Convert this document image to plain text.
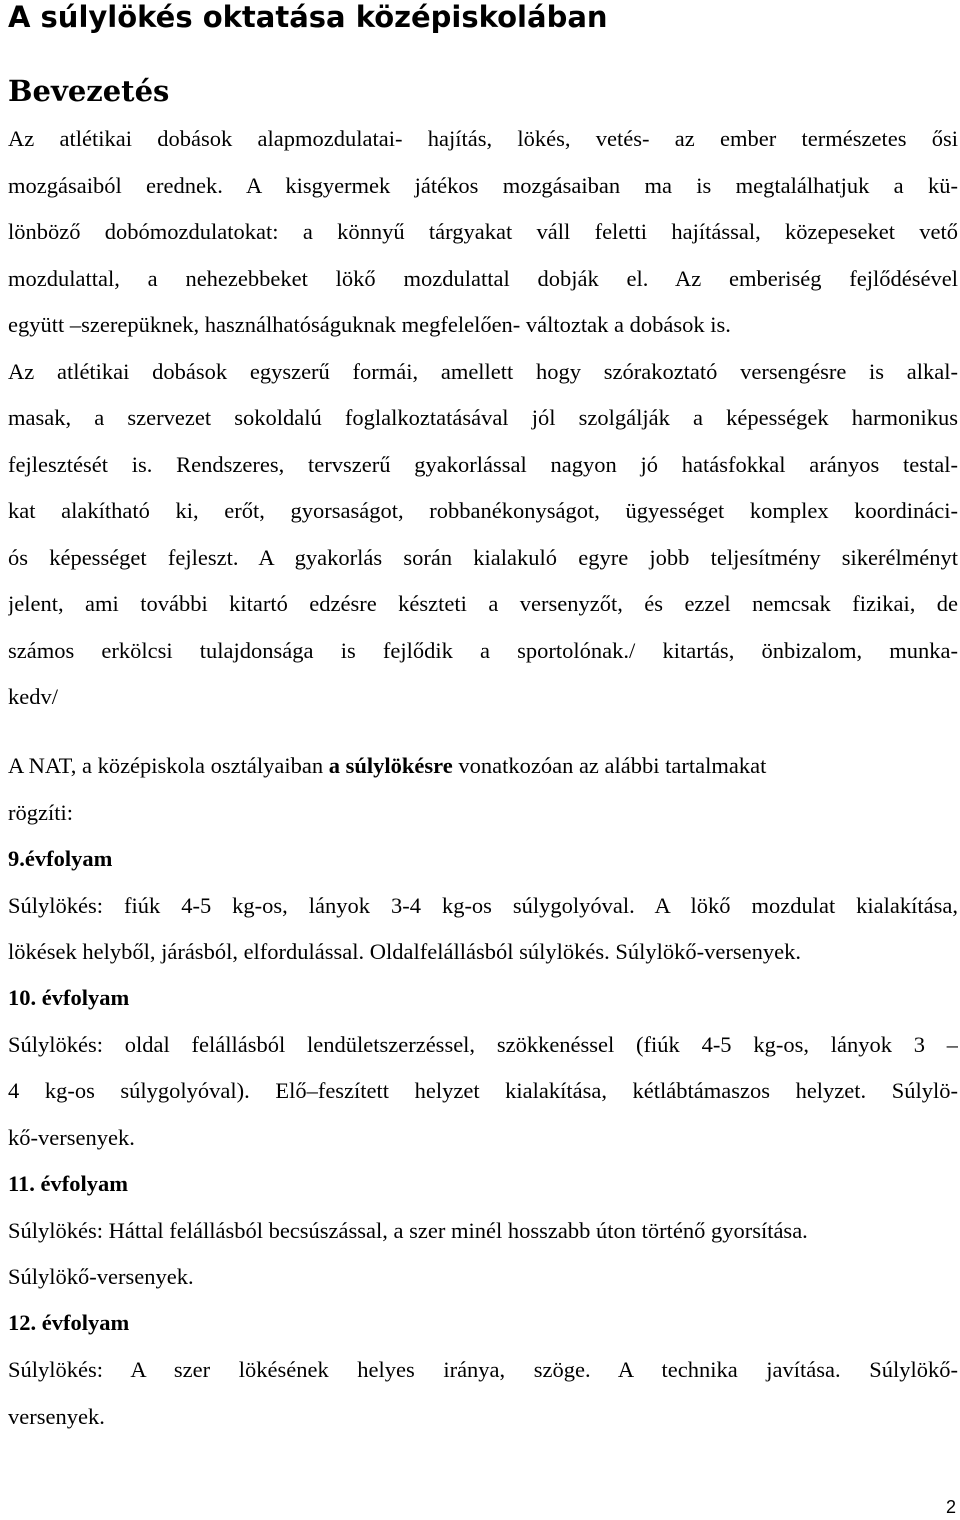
A súlylökés oktatása középiskolában
Bevezetés
Az atlétikai dobások alapmozdulatai- hajítás, lökés, vetés- az ember természetes ősi
mozgásaiból erednek. A kisgyermek játékos mozgásaiban ma is megtalálhatjuk a kü-
lönböző dobómozdulatokat: a könnyű tárgyakat váll feletti hajítással, közepeseket vető
mozdulattal, a nehezebbeket lökő mozdulattal dobják el. Az emberiség fejlődésével
együtt –szerepüknek, használhatóságuknak megfelelően- változtak a dobások is.
Az atlétikai dobások egyszerű formái, amellett hogy szórakoztató versengésre is alkal-
masak, a szervezet sokoldalú foglalkoztatásával jól szolgálják a képességek harmonikus
fejlesztését is. Rendszeres, tervszerű gyakorlással nagyon jó hatásfokkal arányos testal-
kat alakítható ki, erőt, gyorsaságot, robbanékonyságot, ügyességet komplex koordináci-
ós képességet fejleszt. A gyakorlás során kialakuló egyre jobb teljesítmény sikerélményt
jelent, ami további kitartó edzésre készteti a versenyzőt, és ezzel nemcsak fizikai, de
számos erkölcsi tulajdonsága is fejlődik a sportolónak./ kitartás, önbizalom, munka-
kedv/
A NAT, a középiskola osztályaiban a súlylökésre vonatkozóan az alábbi tartalmakat
rögzíti:
9.évfolyam
Súlylökés: fiúk 4-5 kg-os, lányok 3-4 kg-os súlygolyóval. A lökő mozdulat kialakítása,
lökések helyből, járásból, elfordulással. Oldalfelállásból súlylökés. Súlylökő-versenyek.
10. évfolyam
Súlylökés: oldal felállásból lendületszerzéssel, szökkenéssel (fiúk 4-5 kg-os, lányok 3 –
4 kg-os súlygolyóval). Elő–feszített helyzet kialakítása, kétlábtámaszos helyzet. Súlylö-
kő-versenyek.
11. évfolyam
Súlylökés: Háttal felállásból becsúszással, a szer minél hosszabb úton történő gyorsítása.
Súlylökő-versenyek.
12. évfolyam
Súlylökés: A szer lökésének helyes iránya, szöge. A technika javítása. Súlylökő-
versenyek.
2
